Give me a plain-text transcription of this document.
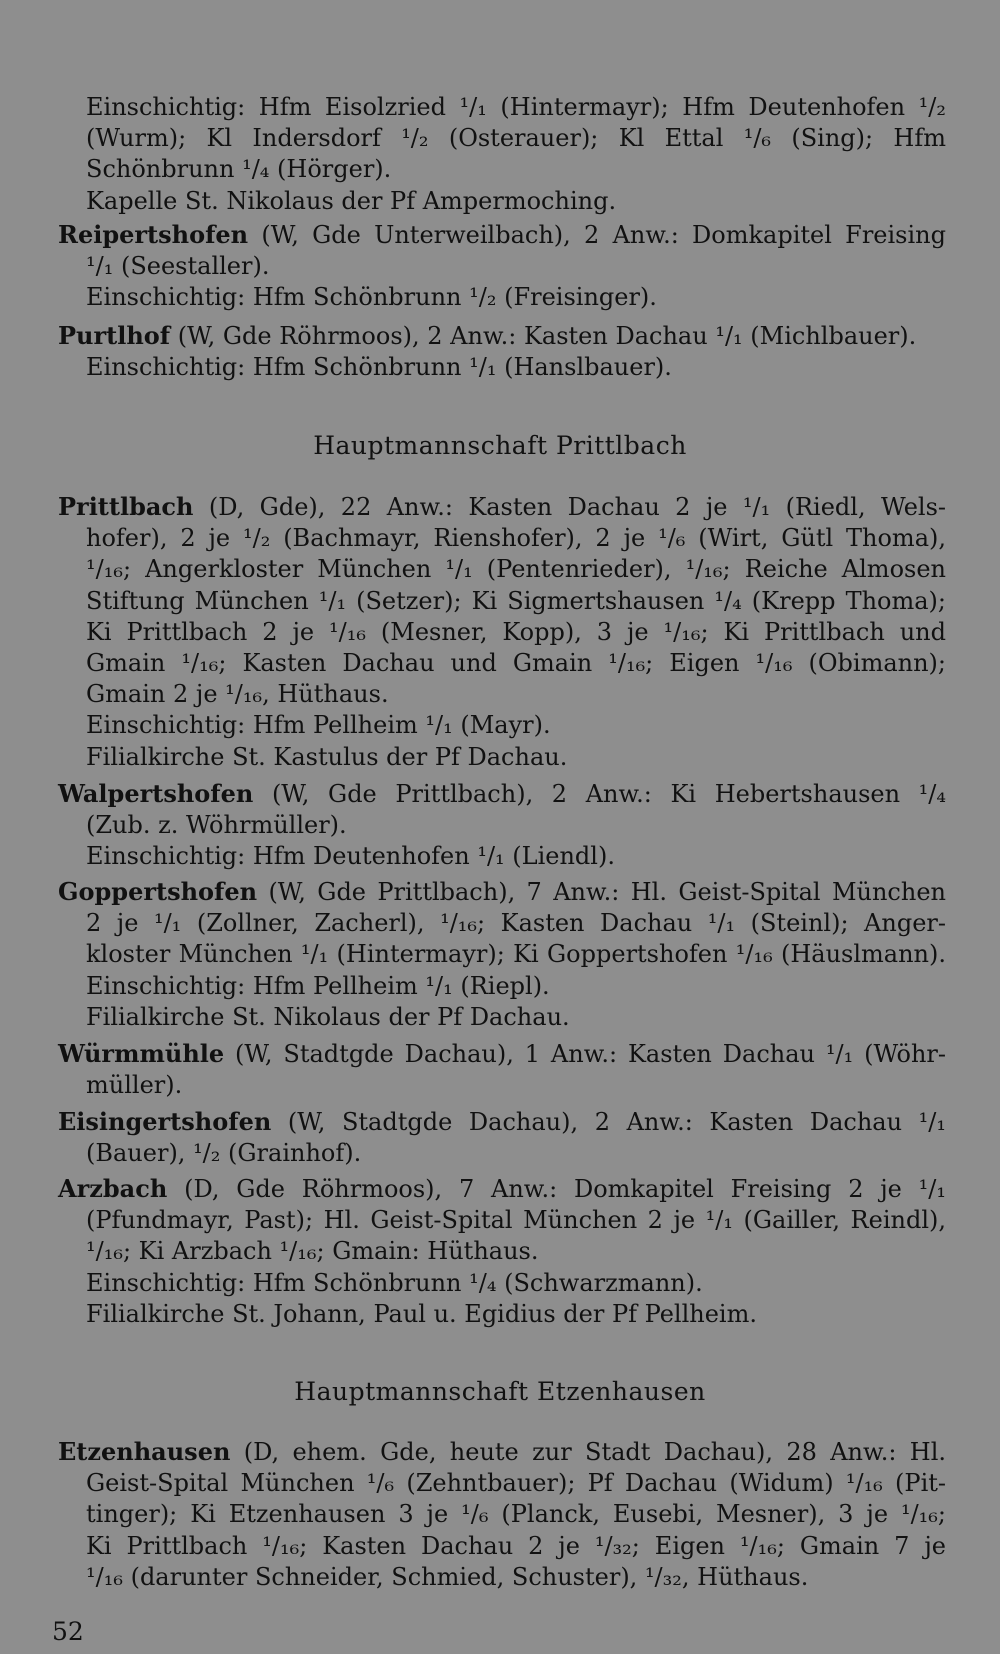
Einschichtig: Hfm Eisolzried ¹/₁ (Hintermayr); Hfm Deutenhofen ¹/₂
(Wurm); Kl Indersdorf ¹/₂ (Osterauer); Kl Ettal ¹/₆ (Sing); Hfm
Schönbrunn ¹/₄ (Hörger).
Kapelle St. Nikolaus der Pf Ampermoching.
Reipertshofen (W, Gde Unterweilbach), 2 Anw.: Domkapitel Freising
¹/₁ (Seestaller).
Einschichtig: Hfm Schönbrunn ¹/₂ (Freisinger).
Purtlhof (W, Gde Röhrmoos), 2 Anw.: Kasten Dachau ¹/₁ (Michlbauer).
Einschichtig: Hfm Schönbrunn ¹/₁ (Hanslbauer).
Hauptmannschaft Prittlbach
Prittlbach (D, Gde), 22 Anw.: Kasten Dachau 2 je ¹/₁ (Riedl, Wels-
hofer), 2 je ¹/₂ (Bachmayr, Rienshofer), 2 je ¹/₆ (Wirt, Gütl Thoma),
¹/₁₆; Angerkloster München ¹/₁ (Pentenrieder), ¹/₁₆; Reiche Almosen
Stiftung München ¹/₁ (Setzer); Ki Sigmertshausen ¹/₄ (Krepp Thoma);
Ki Prittlbach 2 je ¹/₁₆ (Mesner, Kopp), 3 je ¹/₁₆; Ki Prittlbach und
Gmain ¹/₁₆; Kasten Dachau und Gmain ¹/₁₆; Eigen ¹/₁₆ (Obimann);
Gmain 2 je ¹/₁₆, Hüthaus.
Einschichtig: Hfm Pellheim ¹/₁ (Mayr).
Filialkirche St. Kastulus der Pf Dachau.
Walpertshofen (W, Gde Prittlbach), 2 Anw.: Ki Hebertshausen ¹/₄
(Zub. z. Wöhrmüller).
Einschichtig: Hfm Deutenhofen ¹/₁ (Liendl).
Goppertshofen (W, Gde Prittlbach), 7 Anw.: Hl. Geist-Spital München
2 je ¹/₁ (Zollner, Zacherl), ¹/₁₆; Kasten Dachau ¹/₁ (Steinl); Anger-
kloster München ¹/₁ (Hintermayr); Ki Goppertshofen ¹/₁₆ (Häuslmann).
Einschichtig: Hfm Pellheim ¹/₁ (Riepl).
Filialkirche St. Nikolaus der Pf Dachau.
Würmmühle (W, Stadtgde Dachau), 1 Anw.: Kasten Dachau ¹/₁ (Wöhr-
müller).
Eisingertshofen (W, Stadtgde Dachau), 2 Anw.: Kasten Dachau ¹/₁
(Bauer), ¹/₂ (Grainhof).
Arzbach (D, Gde Röhrmoos), 7 Anw.: Domkapitel Freising 2 je ¹/₁
(Pfundmayr, Past); Hl. Geist-Spital München 2 je ¹/₁ (Gailler, Reindl),
¹/₁₆; Ki Arzbach ¹/₁₆; Gmain: Hüthaus.
Einschichtig: Hfm Schönbrunn ¹/₄ (Schwarzmann).
Filialkirche St. Johann, Paul u. Egidius der Pf Pellheim.
Hauptmannschaft Etzenhausen
Etzenhausen (D, ehem. Gde, heute zur Stadt Dachau), 28 Anw.: Hl.
Geist-Spital München ¹/₆ (Zehntbauer); Pf Dachau (Widum) ¹/₁₆ (Pit-
tinger); Ki Etzenhausen 3 je ¹/₆ (Planck, Eusebi, Mesner), 3 je ¹/₁₆;
Ki Prittlbach ¹/₁₆; Kasten Dachau 2 je ¹/₃₂; Eigen ¹/₁₆; Gmain 7 je
¹/₁₆ (darunter Schneider, Schmied, Schuster), ¹/₃₂, Hüthaus.
52
